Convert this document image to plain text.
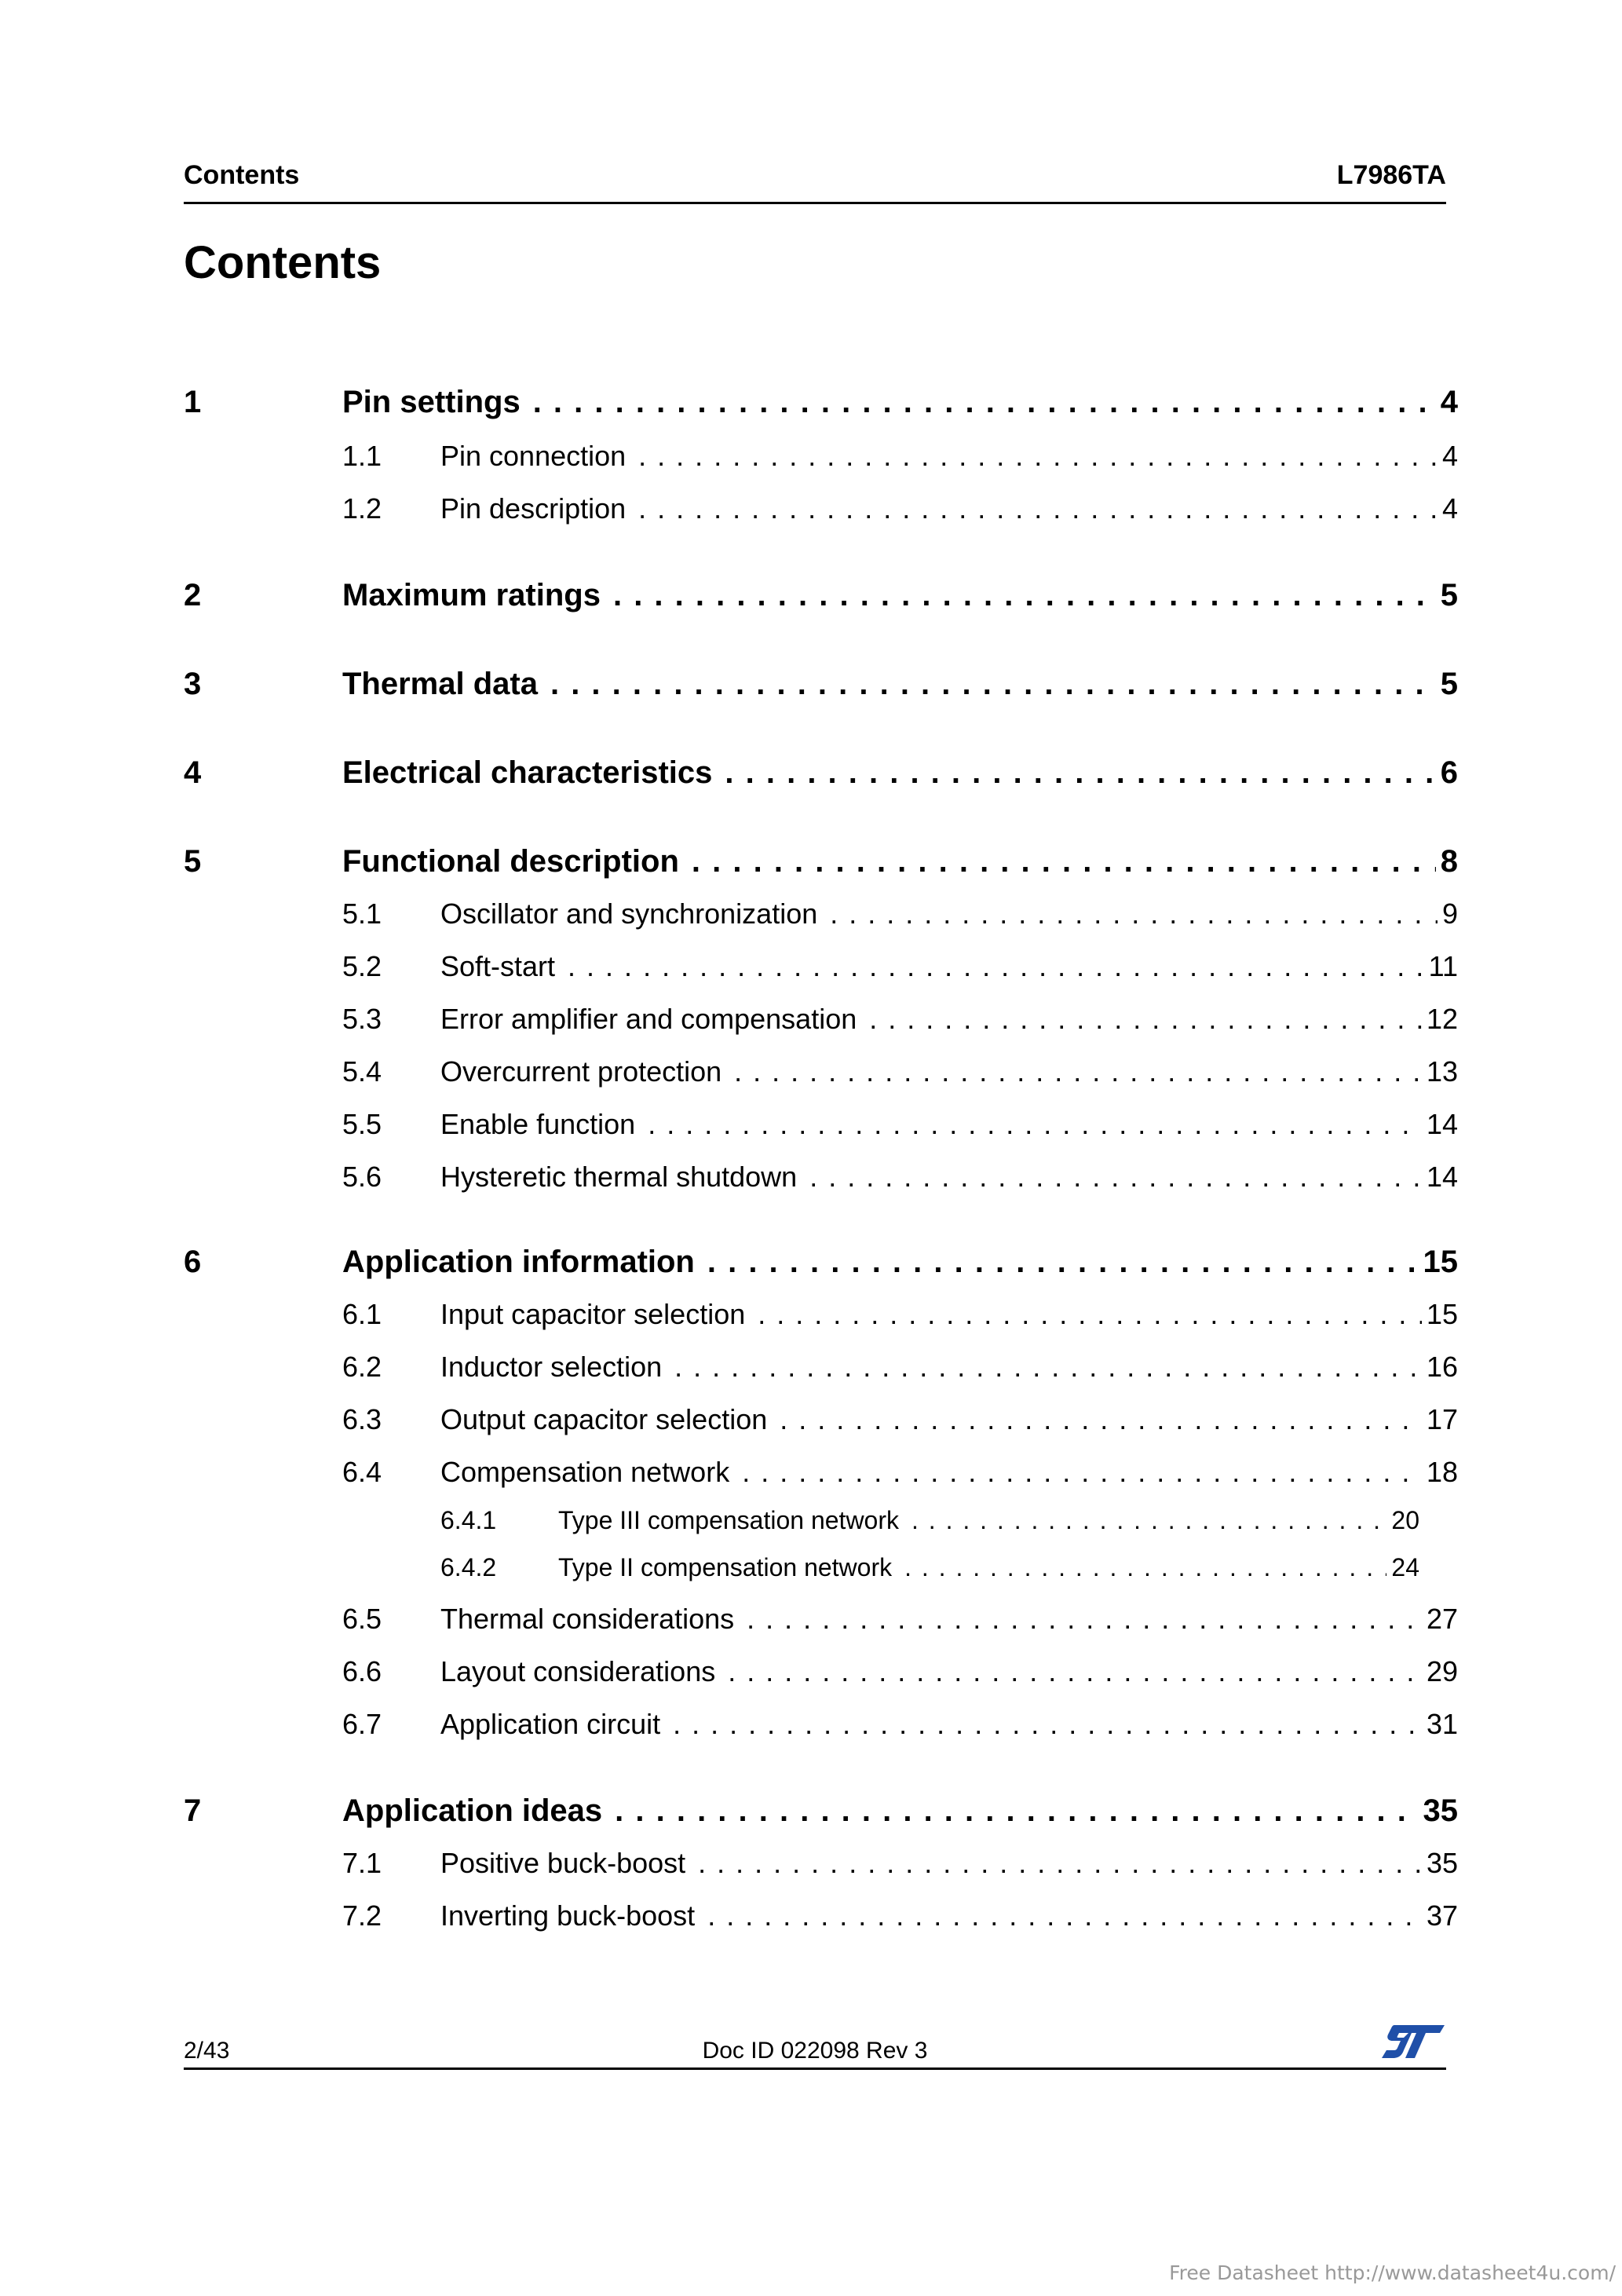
Contents	L7986TA
Contents
1	Pin settings . . .	4
1.1 Pin connection . . .	4
1.2 Pin description . . .	4
2	Maximum ratings . . .	5
3	Thermal data . . .	5
4	Electrical characteristics . . .	6
5	Functional description . . .	8
5.1 Oscillator and synchronization . . .	9
5.2 Soft-start . . .	11
5.3 Error amplifier and compensation . . .	12
5.4 Overcurrent protection . . .	13
5.5 Enable function . . .	14
5.6 Hysteretic thermal shutdown . . .	14
6	Application information . . .	15
6.1 Input capacitor selection . . .	15
6.2 Inductor selection . . .	16
6.3 Output capacitor selection . . .	17
6.4 Compensation network . . .	18
6.4.1 Type III compensation network . . .	20
6.4.2 Type II compensation network . . .	24
6.5 Thermal considerations . . .	27
6.6 Layout considerations . . .	29
6.7 Application circuit . . .	31
7	Application ideas . . .	35
7.1 Positive buck-boost . . .	35
7.2 Inverting buck-boost . . .	37
2/43	Doc ID 022098 Rev 3
Free Datasheet http://www.datasheet4u.com/
